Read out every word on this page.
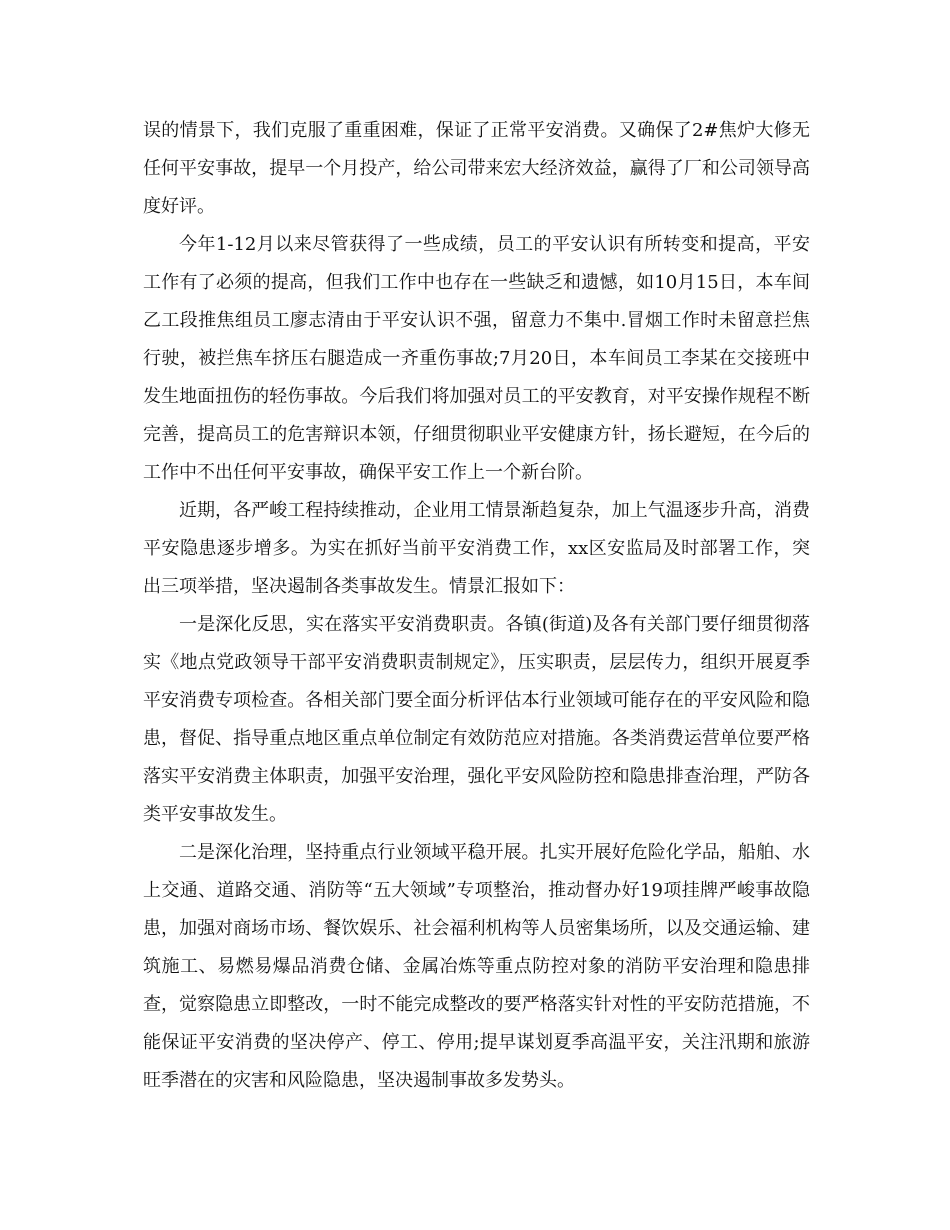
误的情景下，我们克服了重重困难，保证了正常平安消费。又确保了2#焦炉大修无任何平安事故，提早一个月投产，给公司带来宏大经济效益，赢得了厂和公司领导高度好评。

今年1-12月以来尽管获得了一些成绩，员工的平安认识有所转变和提高，平安工作有了必须的提高，但我们工作中也存在一些缺乏和遗憾，如10月15日，本车间乙工段推焦组员工廖志清由于平安认识不强，留意力不集中.冒烟工作时未留意拦焦行驶，被拦焦车挤压右腿造成一齐重伤事故;7月20日，本车间员工李某在交接班中发生地面扭伤的轻伤事故。今后我们将加强对员工的平安教育，对平安操作规程不断完善，提高员工的危害辩识本领，仔细贯彻职业平安健康方针，扬长避短，在今后的工作中不出任何平安事故，确保平安工作上一个新台阶。

近期，各严峻工程持续推动，企业用工情景渐趋复杂，加上气温逐步升高，消费平安隐患逐步增多。为实在抓好当前平安消费工作，xx区安监局及时部署工作，突出三项举措，坚决遏制各类事故发生。情景汇报如下：

一是深化反思，实在落实平安消费职责。各镇(街道)及各有关部门要仔细贯彻落实《地点党政领导干部平安消费职责制规定》，压实职责，层层传力，组织开展夏季平安消费专项检查。各相关部门要全面分析评估本行业领域可能存在的平安风险和隐患，督促、指导重点地区重点单位制定有效防范应对措施。各类消费运营单位要严格落实平安消费主体职责，加强平安治理，强化平安风险防控和隐患排查治理，严防各类平安事故发生。

二是深化治理，坚持重点行业领域平稳开展。扎实开展好危险化学品，船舶、水上交通、道路交通、消防等“五大领域”专项整治，推动督办好19项挂牌严峻事故隐患，加强对商场市场、餐饮娱乐、社会福利机构等人员密集场所，以及交通运输、建筑施工、易燃易爆品消费仓储、金属冶炼等重点防控对象的消防平安治理和隐患排查，觉察隐患立即整改，一时不能完成整改的要严格落实针对性的平安防范措施，不能保证平安消费的坚决停产、停工、停用;提早谋划夏季高温平安，关注汛期和旅游旺季潜在的灾害和风险隐患，坚决遏制事故多发势头。
